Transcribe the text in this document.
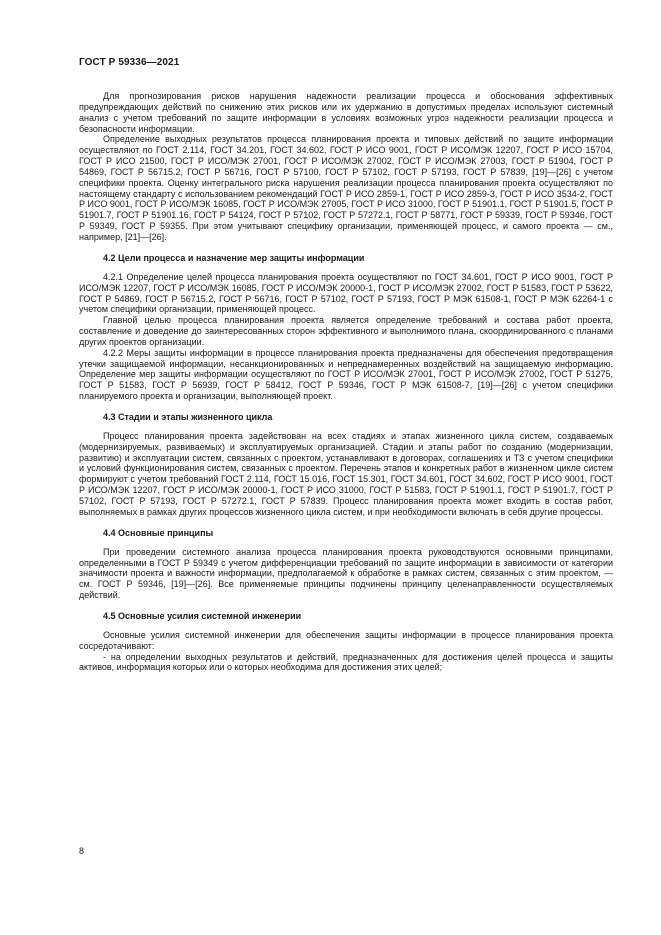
ГОСТ Р 59336—2021

Для прогнозирования рисков нарушения надежности реализации процесса и обоснования эффективных предупреждающих действий по снижению этих рисков или их удержанию в допустимых пределах используют системный анализ с учетом требований по защите информации в условиях возможных угроз надежности реализации процесса и безопасности информации.

Определение выходных результатов процесса планирования проекта и типовых действий по защите информации осуществляют по ГОСТ 2.114, ГОСТ 34.201, ГОСТ 34.602, ГОСТ Р ИСО 9001, ГОСТ Р ИСО/МЭК 12207, ГОСТ Р ИСО 15704, ГОСТ Р ИСО 21500, ГОСТ Р ИСО/МЭК 27001, ГОСТ Р ИСО/МЭК 27002, ГОСТ Р ИСО/МЭК 27003, ГОСТ Р 51904, ГОСТ Р 54869, ГОСТ Р 56715.2, ГОСТ Р 56716, ГОСТ Р 57100, ГОСТ Р 57102, ГОСТ Р 57193, ГОСТ Р 57839, [19]—[26] с учетом специфики проекта. Оценку интегрального риска нарушения реализации процесса планирования проекта осуществляют по настоящему стандарту с использованием рекомендаций ГОСТ Р ИСО 2859-1, ГОСТ Р ИСО 2859-3, ГОСТ Р ИСО 3534-2, ГОСТ Р ИСО 9001, ГОСТ Р ИСО/МЭК 16085, ГОСТ Р ИСО/МЭК 27005, ГОСТ Р ИСО 31000, ГОСТ Р 51901.1, ГОСТ Р 51901.5, ГОСТ Р 51901.7, ГОСТ Р 51901.16, ГОСТ Р 54124, ГОСТ Р 57102, ГОСТ Р 57272.1, ГОСТ Р 58771, ГОСТ Р 59339, ГОСТ Р 59346, ГОСТ Р 59349, ГОСТ Р 59355. При этом учитывают специфику организации, применяющей процесс, и самого проекта — см., например, [21]—[26].

4.2 Цели процесса и назначение мер защиты информации

4.2.1 Определение целей процесса планирования проекта осуществляют по ГОСТ 34.601, ГОСТ Р ИСО 9001, ГОСТ Р ИСО/МЭК 12207, ГОСТ Р ИСО/МЭК 16085, ГОСТ Р ИСО/МЭК 20000-1, ГОСТ Р ИСО/МЭК 27002, ГОСТ Р 51583, ГОСТ Р 53622, ГОСТ Р 54869, ГОСТ Р 56715.2, ГОСТ Р 56716, ГОСТ Р 57102, ГОСТ Р 57193, ГОСТ Р МЭК 61508-1, ГОСТ Р МЭК 62264-1 с учетом специфики организации, применяющей процесс.

Главной целью процесса планирования проекта является определение требований и состава работ проекта, составление и доведение до заинтересованных сторон эффективного и выполнимого плана, скоординированного с планами других проектов организации.

4.2.2 Меры защиты информации в процессе планирования проекта предназначены для обеспечения предотвращения утечки защищаемой информации, несанкционированных и непреднамеренных воздействий на защищаемую информацию. Определение мер защиты информации осуществляют по ГОСТ Р ИСО/МЭК 27001, ГОСТ Р ИСО/МЭК 27002, ГОСТ Р 51275, ГОСТ Р 51583, ГОСТ Р 56939, ГОСТ Р 58412, ГОСТ Р 59346, ГОСТ Р МЭК 61508-7, [19]—[26] с учетом специфики планируемого проекта и организации, выполняющей проект.

4.3 Стадии и этапы жизненного цикла

Процесс планирования проекта задействован на всех стадиях и этапах жизненного цикла систем, создаваемых (модернизируемых, развиваемых) и эксплуатируемых организацией. Стадии и этапы работ по созданию (модернизации, развитию) и эксплуатации систем, связанных с проектом, устанавливают в договорах, соглашениях и ТЗ с учетом специфики и условий функционирования систем, связанных с проектом. Перечень этапов и конкретных работ в жизненном цикле систем формируют с учетом требований ГОСТ 2.114, ГОСТ 15.016, ГОСТ 15.301, ГОСТ 34.601, ГОСТ 34.602, ГОСТ Р ИСО 9001, ГОСТ Р ИСО/МЭК 12207, ГОСТ Р ИСО/МЭК 20000-1, ГОСТ Р ИСО 31000, ГОСТ Р 51583, ГОСТ Р 51901.1, ГОСТ Р 51901.7, ГОСТ Р 57102, ГОСТ Р 57193, ГОСТ Р 57272.1, ГОСТ Р 57839. Процесс планирования проекта может входить в состав работ, выполняемых в рамках других процессов жизненного цикла систем, и при необходимости включать в себя другие процессы.

4.4 Основные принципы

При проведении системного анализа процесса планирования проекта руководствуются основными принципами, определенными в ГОСТ Р 59349 с учетом дифференциации требований по защите информации в зависимости от категории значимости проекта и важности информации, предполагаемой к обработке в рамках систем, связанных с этим проектом, — см. ГОСТ Р 59346, [19]—[26]. Все применяемые принципы подчинены принципу целенаправленности осуществляемых действий.

4.5 Основные усилия системной инженерии

Основные усилия системной инженерии для обеспечения защиты информации в процессе планирования проекта сосредотачивают:

- на определении выходных результатов и действий, предназначенных для достижения целей процесса и защиты активов, информация которых или о которых необходима для достижения этих целей;

8
